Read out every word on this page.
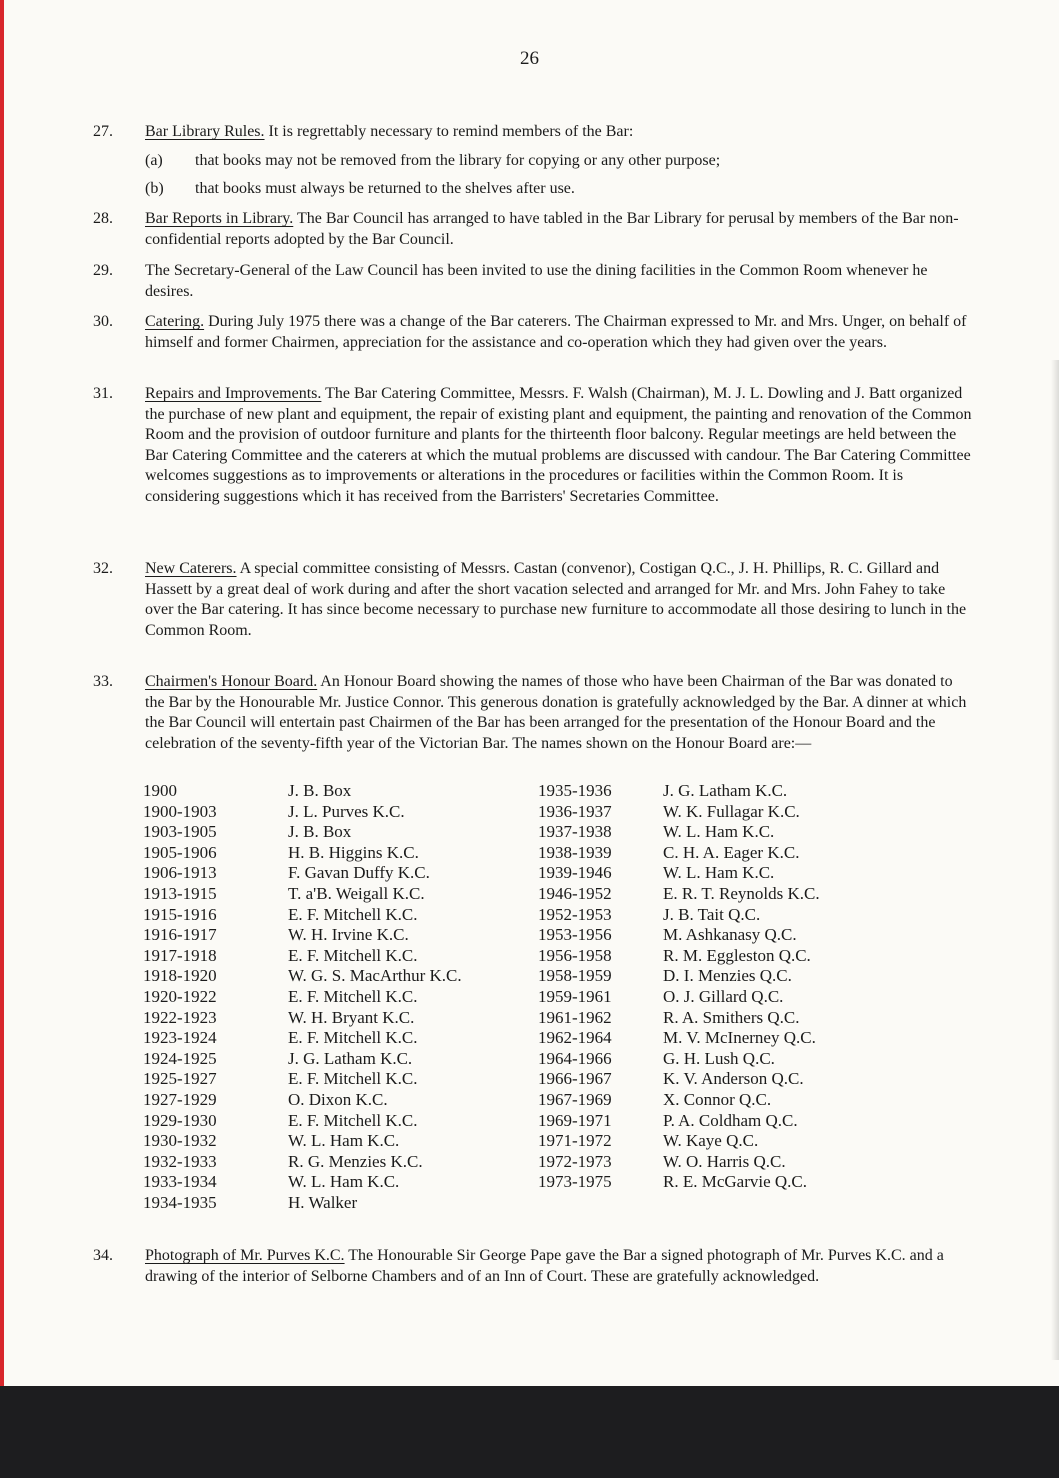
26
27.	Bar Library Rules. It is regrettably necessary to remind members of the Bar:
(a) that books may not be removed from the library for copying or any other purpose;
(b) that books must always be returned to the shelves after use.
28.	Bar Reports in Library. The Bar Council has arranged to have tabled in the Bar Library for perusal by members of the Bar non-confidential reports adopted by the Bar Council.
29.	The Secretary-General of the Law Council has been invited to use the dining facilities in the Common Room whenever he desires.
30.	Catering. During July 1975 there was a change of the Bar caterers. The Chairman expressed to Mr. and Mrs. Unger, on behalf of himself and former Chairmen, appreciation for the assistance and co-operation which they had given over the years.
31.	Repairs and Improvements. The Bar Catering Committee, Messrs. F. Walsh (Chairman), M. J. L. Dowling and J. Batt organized the purchase of new plant and equipment, the repair of existing plant and equipment, the painting and renovation of the Common Room and the provision of outdoor furniture and plants for the thirteenth floor balcony. Regular meetings are held between the Bar Catering Committee and the caterers at which the mutual problems are discussed with candour. The Bar Catering Committee welcomes suggestions as to improvements or alterations in the procedures or facilities within the Common Room. It is considering suggestions which it has received from the Barristers' Secretaries Committee.
32.	New Caterers. A special committee consisting of Messrs. Castan (convenor), Costigan Q.C., J. H. Phillips, R. C. Gillard and Hassett by a great deal of work during and after the short vacation selected and arranged for Mr. and Mrs. John Fahey to take over the Bar catering. It has since become necessary to purchase new furniture to accommodate all those desiring to lunch in the Common Room.
33.	Chairmen's Honour Board. An Honour Board showing the names of those who have been Chairman of the Bar was donated to the Bar by the Honourable Mr. Justice Connor. This generous donation is gratefully acknowledged by the Bar. A dinner at which the Bar Council will entertain past Chairmen of the Bar has been arranged for the presentation of the Honour Board and the celebration of the seventy-fifth year of the Victorian Bar. The names shown on the Honour Board are:—
1900	J. B. Box	1935-1936	J. G. Latham K.C.
1900-1903	J. L. Purves K.C.	1936-1937	W. K. Fullagar K.C.
1903-1905	J. B. Box	1937-1938	W. L. Ham K.C.
1905-1906	H. B. Higgins K.C.	1938-1939	C. H. A. Eager K.C.
1906-1913	F. Gavan Duffy K.C.	1939-1946	W. L. Ham K.C.
1913-1915	T. a'B. Weigall K.C.	1946-1952	E. R. T. Reynolds K.C.
1915-1916	E. F. Mitchell K.C.	1952-1953	J. B. Tait Q.C.
1916-1917	W. H. Irvine K.C.	1953-1956	M. Ashkanasy Q.C.
1917-1918	E. F. Mitchell K.C.	1956-1958	R. M. Eggleston Q.C.
1918-1920	W. G. S. MacArthur K.C.	1958-1959	D. I. Menzies Q.C.
1920-1922	E. F. Mitchell K.C.	1959-1961	O. J. Gillard Q.C.
1922-1923	W. H. Bryant K.C.	1961-1962	R. A. Smithers Q.C.
1923-1924	E. F. Mitchell K.C.	1962-1964	M. V. McInerney Q.C.
1924-1925	J. G. Latham K.C.	1964-1966	G. H. Lush Q.C.
1925-1927	E. F. Mitchell K.C.	1966-1967	K. V. Anderson Q.C.
1927-1929	O. Dixon K.C.	1967-1969	X. Connor Q.C.
1929-1930	E. F. Mitchell K.C.	1969-1971	P. A. Coldham Q.C.
1930-1932	W. L. Ham K.C.	1971-1972	W. Kaye Q.C.
1932-1933	R. G. Menzies K.C.	1972-1973	W. O. Harris Q.C.
1933-1934	W. L. Ham K.C.	1973-1975	R. E. McGarvie Q.C.
1934-1935	H. Walker		
34.	Photograph of Mr. Purves K.C. The Honourable Sir George Pape gave the Bar a signed photograph of Mr. Purves K.C. and a drawing of the interior of Selborne Chambers and of an Inn of Court. These are gratefully acknowledged.
